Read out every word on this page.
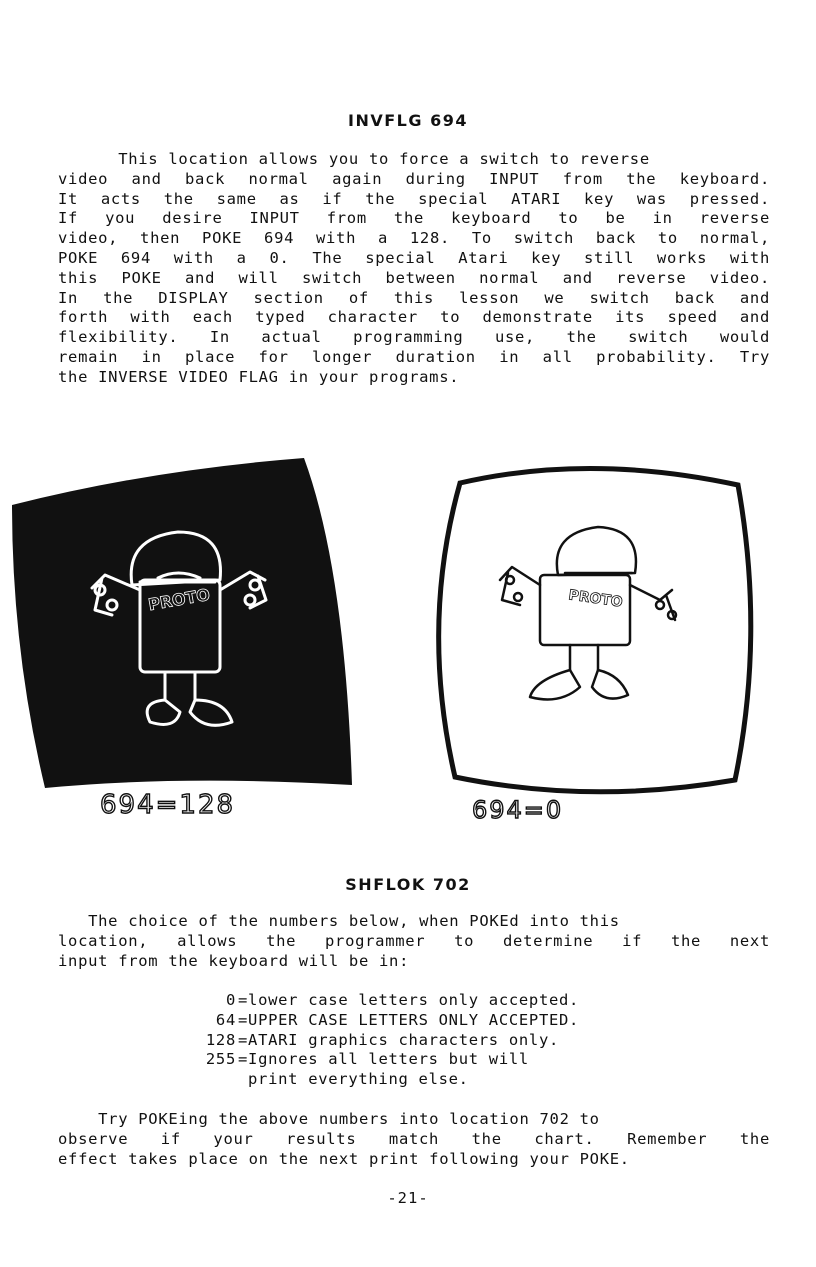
INVFLG 694
This location allows you to force a switch to reverse
video and back normal again during INPUT from the keyboard.
It acts the same as if the special ATARI key was pressed.
If you desire INPUT from the keyboard to be in reverse
video, then POKE 694 with a 128. To switch back to normal,
POKE 694 with a 0. The special Atari key still works with
this POKE and will switch between normal and reverse video.
In the DISPLAY section of this lesson we switch back and
forth with each typed character to demonstrate its speed and
flexibility. In actual programming use, the switch would
remain in place for longer duration in all probability. Try
the INVERSE VIDEO FLAG in your programs.
PROTO
694=128
PROTO
694=0
SHFLOK 702
The choice of the numbers below, when POKEd into this
location, allows the programmer to determine if the next
input from the keyboard will be in:
0 =lower case letters only accepted.
64 =UPPER CASE LETTERS ONLY ACCEPTED.
128 =ATARI graphics characters only.
255 =Ignores all letters but will
print everything else.
Try POKEing the above numbers into location 702 to
observe if your results match the chart. Remember the
effect takes place on the next print following your POKE.
-21-
